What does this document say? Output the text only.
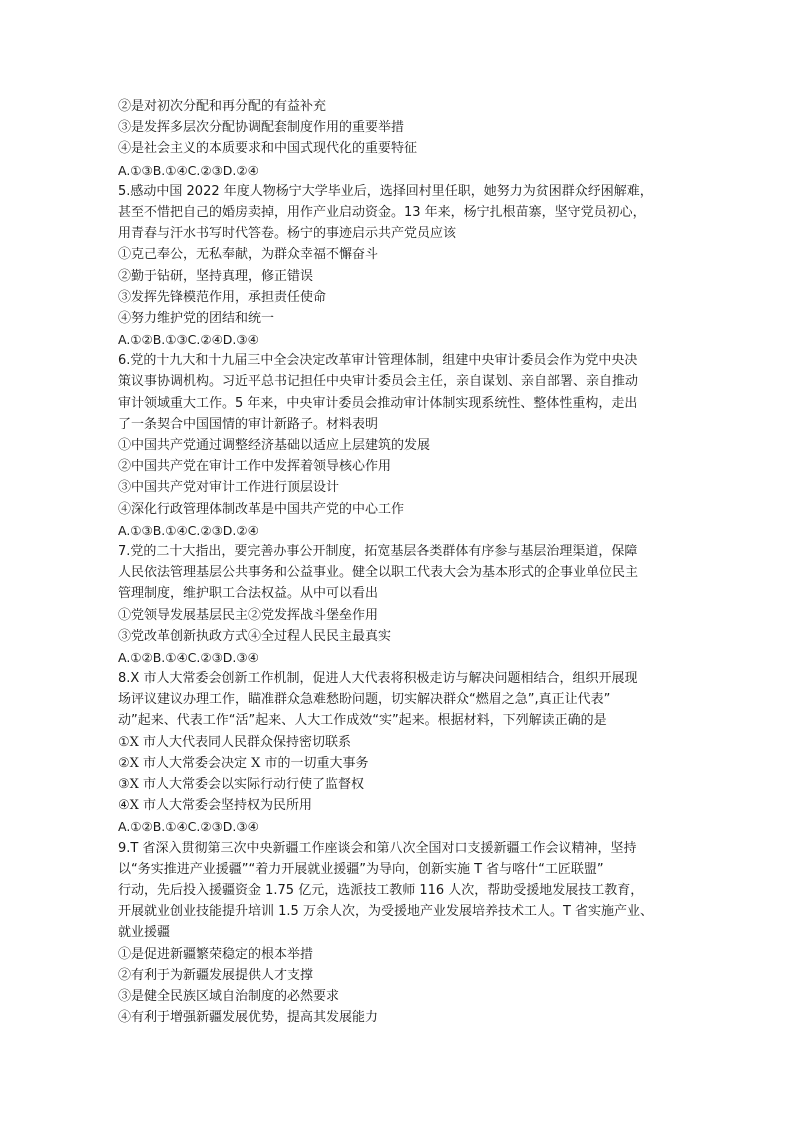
②是对初次分配和再分配的有益补充
③是发挥多层次分配协调配套制度作用的重要举措
④是社会主义的本质要求和中国式现代化的重要特征
A.①③B.①④C.②③D.②④
5.感动中国 2022 年度人物杨宁大学毕业后，选择回村里任职，她努力为贫困群众纾困解难，
甚至不惜把自己的婚房卖掉，用作产业启动资金。13 年来，杨宁扎根苗寨，坚守党员初心，
用青春与汗水书写时代答卷。杨宁的事迹启示共产党员应该
①克己奉公，无私奉献，为群众幸福不懈奋斗
②勤于钻研，坚持真理，修正错误
③发挥先锋模范作用，承担责任使命
④努力维护党的团结和统一
A.①②B.①③C.②④D.③④
6.党的十九大和十九届三中全会决定改革审计管理体制，组建中央审计委员会作为党中央决
策议事协调机构。习近平总书记担任中央审计委员会主任，亲自谋划、亲自部署、亲自推动
审计领域重大工作。5 年来，中央审计委员会推动审计体制实现系统性、整体性重构，走出
了一条契合中国国情的审计新路子。材料表明
①中国共产党通过调整经济基础以适应上层建筑的发展
②中国共产党在审计工作中发挥着领导核心作用
③中国共产党对审计工作进行顶层设计
④深化行政管理体制改革是中国共产党的中心工作
A.①③B.①④C.②③D.②④
7.党的二十大指出，要完善办事公开制度，拓宽基层各类群体有序参与基层治理渠道，保障
人民依法管理基层公共事务和公益事业。健全以职工代表大会为基本形式的企事业单位民主
管理制度，维护职工合法权益。从中可以看出
①党领导发展基层民主②党发挥战斗堡垒作用
③党改革创新执政方式④全过程人民民主最真实
A.①②B.①④C.②③D.③④
8.X 市人大常委会创新工作机制，促进人大代表将积极走访与解决问题相结合，组织开展现
场评议建议办理工作，瞄准群众急难愁盼问题，切实解决群众“燃眉之急”,真正让代表”
动”起来、代表工作“活”起来、人大工作成效“实”起来。根据材料，下列解读正确的是
①X 市人大代表同人民群众保持密切联系
②X 市人大常委会决定 X 市的一切重大事务
③X 市人大常委会以实际行动行使了监督权
④X 市人大常委会坚持权为民所用
A.①②B.①④C.②③D.③④
9.T 省深入贯彻第三次中央新疆工作座谈会和第八次全国对口支援新疆工作会议精神，坚持
以“务实推进产业援疆”“着力开展就业援疆”为导向，创新实施 T 省与喀什“工匠联盟”
行动，先后投入援疆资金 1.75 亿元，选派技工教师 116 人次，帮助受援地发展技工教育，
开展就业创业技能提升培训 1.5 万余人次，为受援地产业发展培养技术工人。T 省实施产业、
就业援疆
①是促进新疆繁荣稳定的根本举措
②有利于为新疆发展提供人才支撑
③是健全民族区域自治制度的必然要求
④有利于增强新疆发展优势，提高其发展能力
